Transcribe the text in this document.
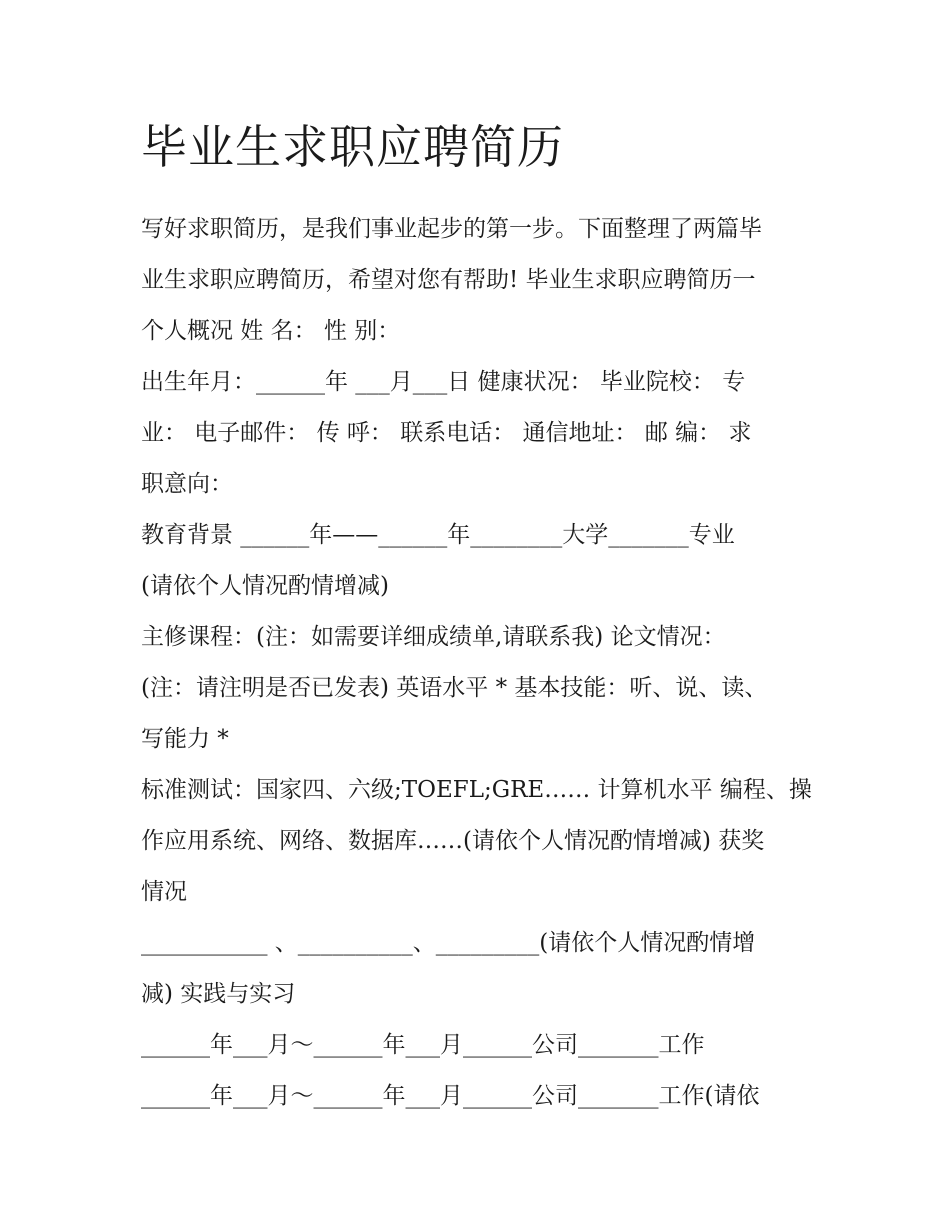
毕业生求职应聘简历
写好求职简历，是我们事业起步的第一步。下面整理了两篇毕
业生求职应聘简历，希望对您有帮助! 毕业生求职应聘简历一
个人概况 姓 名： 性 别：
出生年月：______年 ___月___日 健康状况： 毕业院校： 专
业： 电子邮件： 传 呼： 联系电话： 通信地址： 邮 编： 求
职意向：
教育背景 ______年——______年________大学_______专业
(请依个人情况酌情增减)
主修课程：(注：如需要详细成绩单,请联系我) 论文情况：
(注：请注明是否已发表) 英语水平 * 基本技能：听、说、读、
写能力 *
标准测试：国家四、六级;TOEFL;GRE…… 计算机水平 编程、操
作应用系统、网络、数据库……(请依个人情况酌情增减) 获奖
情况
___________ 、__________、_________(请依个人情况酌情增
减) 实践与实习
______年___月～______年___月______公司_______工作
______年___月～______年___月______公司_______工作(请依
